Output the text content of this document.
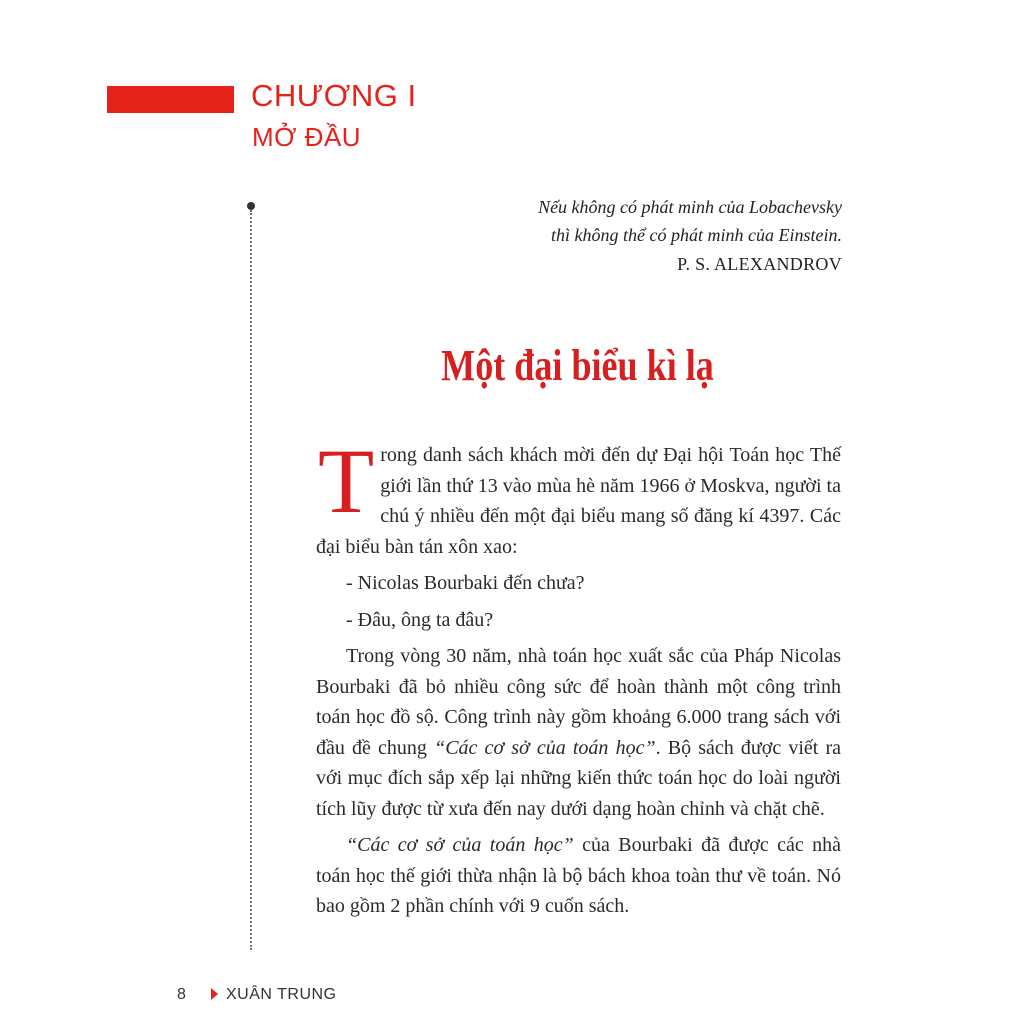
CHƯƠNG I
MỞ ĐẦU
Nếu không có phát minh của Lobachevsky
thì không thể có phát minh của Einstein.
P. S. ALEXANDROV
Một đại biểu kì lạ

Trong danh sách khách mời đến dự Đại hội Toán học Thế giới lần thứ 13 vào mùa hè năm 1966 ở Moskva, người ta chú ý nhiều đến một đại biểu mang số đăng kí 4397. Các đại biểu bàn tán xôn xao:

- Nicolas Bourbaki đến chưa?

- Đâu, ông ta đâu?

Trong vòng 30 năm, nhà toán học xuất sắc của Pháp Nicolas Bourbaki đã bỏ nhiều công sức để hoàn thành một công trình toán học đồ sộ. Công trình này gồm khoảng 6.000 trang sách với đầu đề chung “Các cơ sở của toán học”. Bộ sách được viết ra với mục đích sắp xếp lại những kiến thức toán học do loài người tích lũy được từ xưa đến nay dưới dạng hoàn chỉnh và chặt chẽ.

“Các cơ sở của toán học” của Bourbaki đã được các nhà toán học thế giới thừa nhận là bộ bách khoa toàn thư về toán. Nó bao gồm 2 phần chính với 9 cuốn sách.

8	XUÂN TRUNG
